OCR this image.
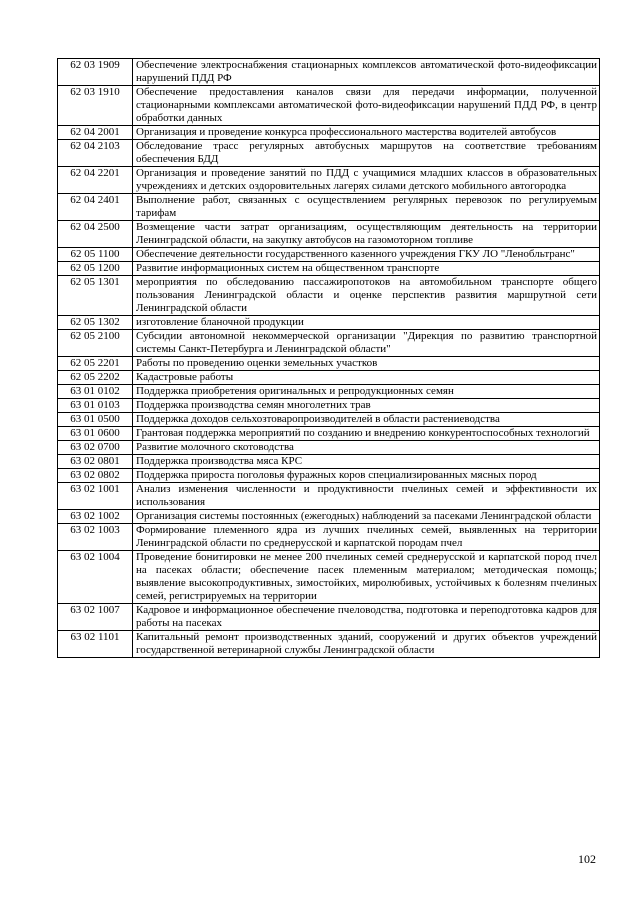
62 03 1909	Обеспечение электроснабжения стационарных комплексов автоматической фото-видеофиксации нарушений ПДД РФ
62 03 1910	Обеспечение предоставления каналов связи для передачи информации, полученной стационарными комплексами автоматической фото-видеофиксации нарушений ПДД РФ, в центр обработки данных
62 04 2001	Организация и проведение конкурса профессионального мастерства водителей автобусов
62 04 2103	Обследование трасс регулярных автобусных маршрутов на соответствие требованиям обеспечения БДД
62 04 2201	Организация и проведение занятий по ПДД с учащимися младших классов в образовательных учреждениях и детских оздоровительных лагерях силами детского мобильного автогородка
62 04 2401	Выполнение работ, связанных с осуществлением регулярных перевозок по регулируемым тарифам
62 04 2500	Возмещение части затрат организациям, осуществляющим деятельность на территории Ленинградской области, на закупку автобусов на газомоторном топливе
62 05 1100	Обеспечение деятельности государственного казенного учреждения ГКУ ЛО "Ленобльтранс"
62 05 1200	Развитие информационных систем на общественном транспорте
62 05 1301	мероприятия по обследованию пассажиропотоков на автомобильном транспорте общего пользования Ленинградской области и оценке перспектив развития маршрутной сети Ленинградской области
62 05 1302	изготовление бланочной продукции
62 05 2100	Субсидии автономной некоммерческой организации "Дирекция по развитию транспортной системы Санкт-Петербурга и Ленинградской области"
62 05 2201	Работы по проведению оценки земельных участков
62 05 2202	Кадастровые работы
63 01 0102	Поддержка приобретения оригинальных и репродукционных семян
63 01 0103	Поддержка производства семян многолетних трав
63 01 0500	Поддержка доходов сельхозтоваропроизводителей в области растениеводства
63 01 0600	Грантовая поддержка мероприятий по созданию и внедрению конкурентоспособных технологий
63 02 0700	Развитие молочного скотоводства
63 02 0801	Поддержка производства мяса КРС
63 02 0802	Поддержка прироста поголовья фуражных коров специализированных мясных пород
63 02 1001	Анализ изменения численности и продуктивности пчелиных семей и эффективности их использования
63 02 1002	Организация системы постоянных (ежегодных) наблюдений за пасеками Ленинградской области
63 02 1003	Формирование племенного ядра из лучших пчелиных семей, выявленных на территории Ленинградской области по среднерусской и карпатской породам пчел
63 02 1004	Проведение бонитировки не менее 200 пчелиных семей среднерусской и карпатской пород пчел на пасеках области; обеспечение пасек племенным материалом; методическая помощь; выявление высокопродуктивных, зимостойких, миролюбивых, устойчивых к болезням пчелиных семей, регистрируемых на территории
63 02 1007	Кадровое и информационное обеспечение пчеловодства, подготовка и переподготовка кадров для работы на пасеках
63 02 1101	Капитальный ремонт производственных зданий, сооружений и других объектов учреждений государственной ветеринарной службы Ленинградской области
102
